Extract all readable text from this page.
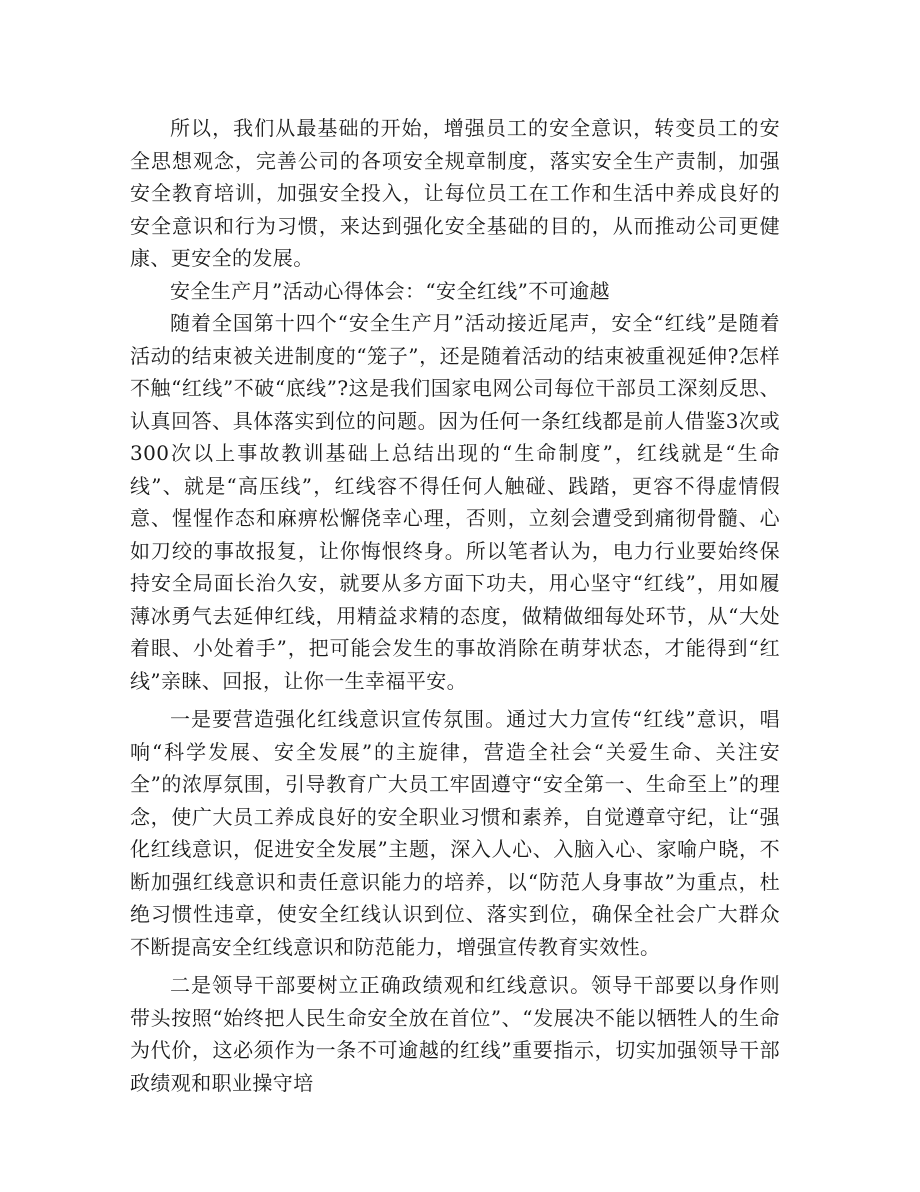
所以，我们从最基础的开始，增强员工的安全意识，转变员工的安全思想观念，完善公司的各项安全规章制度，落实安全生产责制，加强安全教育培训，加强安全投入，让每位员工在工作和生活中养成良好的安全意识和行为习惯，来达到强化安全基础的目的，从而推动公司更健康、更安全的发展。

安全生产月”活动心得体会：“安全红线”不可逾越

随着全国第十四个“安全生产月”活动接近尾声，安全“红线”是随着活动的结束被关进制度的“笼子”，还是随着活动的结束被重视延伸?怎样不触“红线”不破“底线”?这是我们国家电网公司每位干部员工深刻反思、认真回答、具体落实到位的问题。因为任何一条红线都是前人借鉴3次或300次以上事故教训基础上总结出现的“生命制度”，红线就是“生命线”、就是“高压线”，红线容不得任何人触碰、践踏，更容不得虚情假意、惺惺作态和麻痹松懈侥幸心理，否则，立刻会遭受到痛彻骨髓、心如刀绞的事故报复，让你悔恨终身。所以笔者认为，电力行业要始终保持安全局面长治久安，就要从多方面下功夫，用心坚守“红线”，用如履薄冰勇气去延伸红线，用精益求精的态度，做精做细每处环节，从“大处着眼、小处着手”，把可能会发生的事故消除在萌芽状态，才能得到“红线”亲睐、回报，让你一生幸福平安。

一是要营造强化红线意识宣传氛围。通过大力宣传“红线”意识，唱响“科学发展、安全发展”的主旋律，营造全社会“关爱生命、关注安全”的浓厚氛围，引导教育广大员工牢固遵守“安全第一、生命至上”的理念，使广大员工养成良好的安全职业习惯和素养，自觉遵章守纪，让“强化红线意识，促进安全发展”主题，深入人心、入脑入心、家喻户晓，不断加强红线意识和责任意识能力的培养，以“防范人身事故”为重点，杜绝习惯性违章，使安全红线认识到位、落实到位，确保全社会广大群众不断提高安全红线意识和防范能力，增强宣传教育实效性。

二是领导干部要树立正确政绩观和红线意识。领导干部要以身作则带头按照“始终把人民生命安全放在首位”、“发展决不能以牺牲人的生命为代价，这必须作为一条不可逾越的红线”重要指示，切实加强领导干部政绩观和职业操守培
